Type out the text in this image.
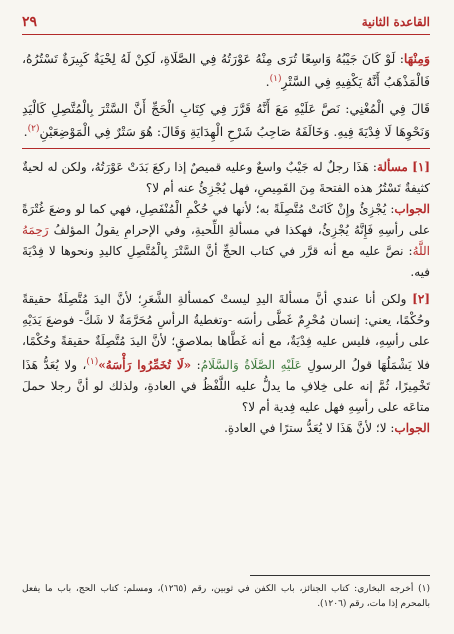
القاعدة الثانية
٢٩

وَمِنْهَا: لَوْ كَانَ جَيْبُهُ وَاسِعًا تُرَى مِنْهُ عَوْرَتُهُ فِي الصَّلَاةِ، لَكِنْ لَهُ لِحْيَةٌ كَبِيرَةٌ تَسْتُرُهُ، فَالْمَذْهَبُ أَنَّهُ يَكْفِيهِ فِي السَّتْرِ$^{(١)}$.

قَالَ فِي الْمُغْنِي: نَصَّ عَلَيْهِ مَعَ أَنَّهُ قَرَّرَ فِي كِتَابِ الْحَجِّ أَنَّ السَّتْرَ بِالْمُتَّصِلِ كَالْيَدِ وَنَحْوِهَا لَا فِدْيَةَ فِيهِ. وَخَالَفَهُ صَاحِبُ شَرْحِ الْهِدَايَةِ وَقَالَ: هُوَ سَتْرٌ فِي الْمَوْضِعَيْنِ$^{(٢)}$.

[١] مسألة: هَذَا رجلٌ له جَيْبٌ واسعٌ وعليه قميصٌ إذا ركعَ بَدَتْ عَوْرَتُهُ، ولكن له لحيةٌ كثيفةٌ تَسْتُرُ هذه الفتحةَ مِنَ القَمِيصِ، فهل يُجْزِئُ عنه أم لا؟

الجواب: يُجْزِئُ وإِنْ كَانَتْ مُتَّصِلَةً به؛ لأنها في حُكْمِ الْمُنْفَصِلِ، فهي كما لو وضعَ غُتْرَةً على رأسِهِ فَإِنَّهُ يُجْزِئُ، فهكذا في مسألةِ اللِّحيةِ، وفي الإحرامِ يقولُ المؤلفُ رَحِمَهُ اللَّهُ: نصَّ عليه مع أنه قرَّر في كتاب الحجِّ أنَّ السَّتْرَ بِالْمُتَّصِلِ كاليدِ ونحوها لا فِدْيَةَ فيه.

[٢] ولكن أنا عندي أنَّ مسألةَ اليدِ ليستْ كمسألةِ الشَّعَرِ؛ لأنَّ اليدَ مُتَّصِلَةٌ حقيقةً وحُكْمًا، يعني: إنسان مُحْرِمٌ غَطَّى رأسَه -وتغطيةُ الرأسِ مُحَرَّمَةٌ لا شَكَّ- فوضعَ يَدَيْهِ على رأسِهِ، فليس عليه فِدْيَةٌ، مع أنه غَطَّاها بملاصقٍ؛ لأنَّ اليدَ مُتَّصِلَةٌ حقيقةً وحُكْمًا، فلا يَشْمَلُهَا قولُ الرسولِ عَلَيْهِ الصَّلَاةُ وَالسَّلَامُ: «لَا تُخَمِّرُوا رَأْسَهُ»$^{(١)}$، ولا يُعَدُّ هَذَا تَخْمِيرًا، ثُمَّ إنه على خِلافِ ما يدلُّ عليه اللَّفْظُ في العادةِ، ولذلك لو أنَّ رجلا حملَ متاعَه على رأسِهِ فهل عليه فِدية أم لا؟

الجواب: لا؛ لأنَّ هَذَا لا يُعَدُّ سترًا في العادةِ.

(١) أخرجه البخاري: كتاب الجنائز، باب الكفن في ثوبين، رقم (١٢٦٥)، ومسلم: كتاب الحج، باب ما يفعل بالمحرم إذا مات، رقم (١٢٠٦).
